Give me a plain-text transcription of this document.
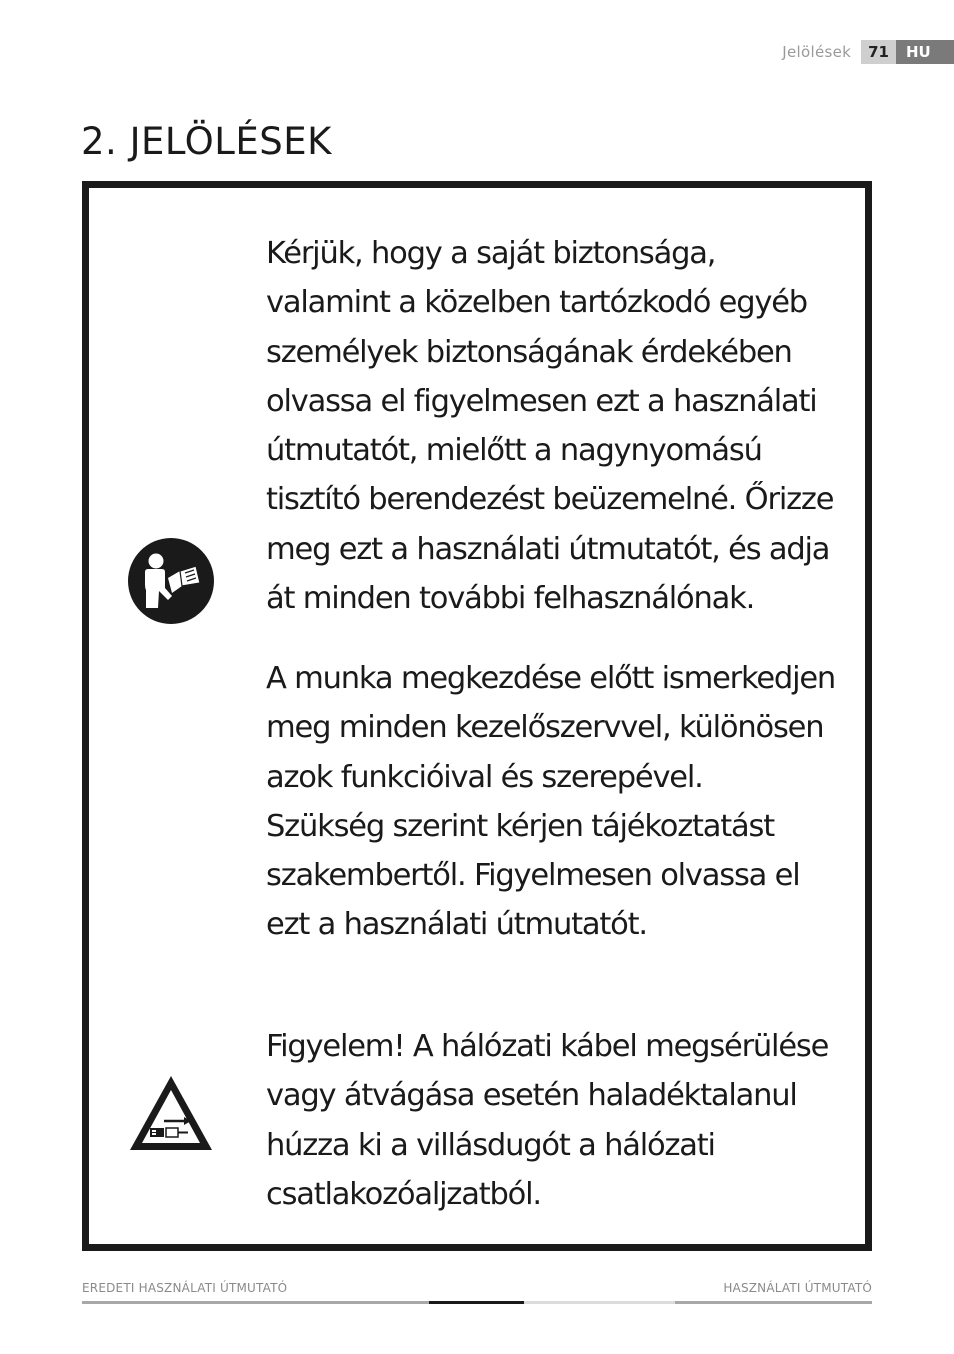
Jelölések	71	HU
2. JELÖLÉSEK

Kérjük, hogy a saját biztonsága,
valamint a közelben tartózkodó egyéb
személyek biztonságának érdekében
olvassa el figyelmesen ezt a használati
útmutatót, mielőtt a nagynyomású
tisztító berendezést beüzemelné. Őrizze
meg ezt a használati útmutatót, és adja
át minden további felhasználónak.

A munka megkezdése előtt ismerkedjen
meg minden kezelőszervvel, különösen
azok funkcióival és szerepével.
Szükség szerint kérjen tájékoztatást
szakembertől. Figyelmesen olvassa el
ezt a használati útmutatót.

Figyelem! A hálózati kábel megsérülése
vagy átvágása esetén haladéktalanul
húzza ki a villásdugót a hálózati
csatlakozóaljzatból.

EREDETI HASZNÁLATI ÚTMUTATÓ	HASZNÁLATI ÚTMUTATÓ
